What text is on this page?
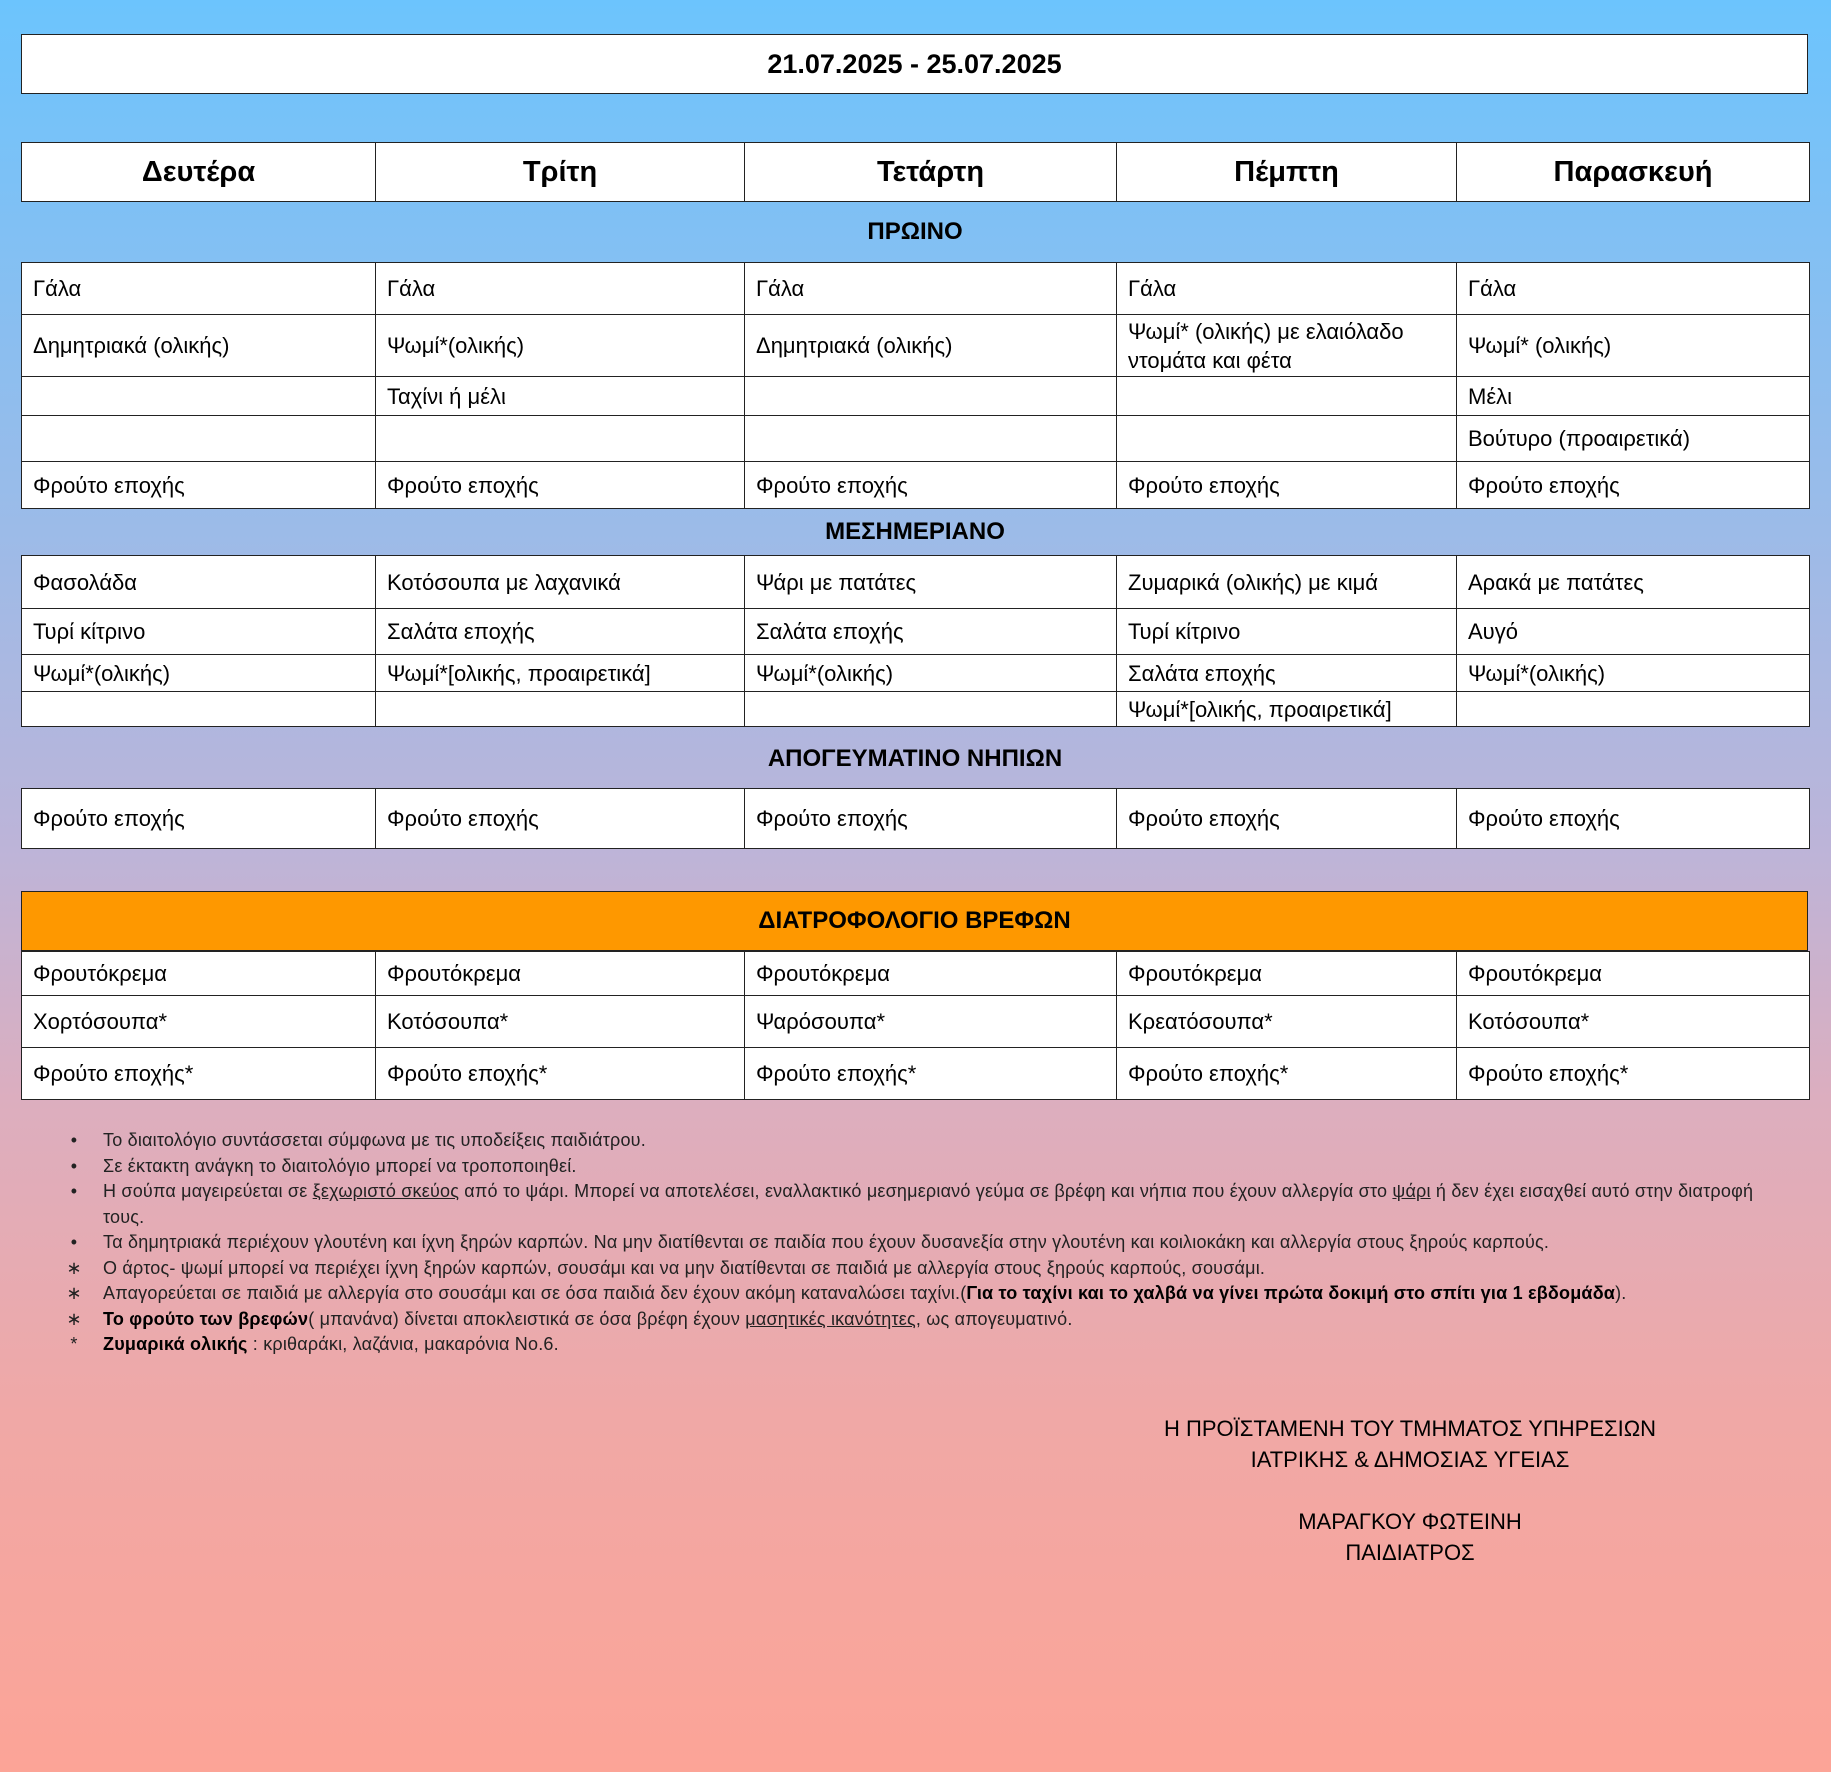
21.07.2025 - 25.07.2025
Δευτέρα	Τρίτη	Τετάρτη	Πέμπτη	Παρασκευή
ΠΡΩΙΝΟ
Γάλα	Γάλα	Γάλα	Γάλα	Γάλα
Δημητριακά (ολικής)	Ψωμί*(ολικής)	Δημητριακά (ολικής)	Ψωμί* (ολικής) με ελαιόλαδο ντομάτα και φέτα	Ψωμί* (ολικής)
	Ταχίνι ή μέλι			Μέλι
				Βούτυρο (προαιρετικά)
Φρούτο εποχής	Φρούτο εποχής	Φρούτο εποχής	Φρούτο εποχής	Φρούτο εποχής
ΜΕΣΗΜΕΡΙΑΝΟ
Φασολάδα	Κοτόσουπα με λαχανικά	Ψάρι με πατάτες	Ζυμαρικά (ολικής) με κιμά	Αρακά με πατάτες
Τυρί κίτρινο	Σαλάτα εποχής	Σαλάτα εποχής	Τυρί κίτρινο	Αυγό
Ψωμί*(ολικής)	Ψωμί*[ολικής, προαιρετικά]	Ψωμί*(ολικής)	Σαλάτα εποχής	Ψωμί*(ολικής)
			Ψωμί*[ολικής, προαιρετικά]	
ΑΠΟΓΕΥΜΑΤΙΝΟ ΝΗΠΙΩΝ
Φρούτο εποχής	Φρούτο εποχής	Φρούτο εποχής	Φρούτο εποχής	Φρούτο εποχής
ΔΙΑΤΡΟΦΟΛΟΓΙΟ ΒΡΕΦΩΝ
Φρουτόκρεμα	Φρουτόκρεμα	Φρουτόκρεμα	Φρουτόκρεμα	Φρουτόκρεμα
Χορτόσουπα*	Κοτόσουπα*	Ψαρόσουπα*	Κρεατόσουπα*	Κοτόσουπα*
Φρούτο εποχής*	Φρούτο εποχής*	Φρούτο εποχής*	Φρούτο εποχής*	Φρούτο εποχής*
•	Το διαιτολόγιο συντάσσεται σύμφωνα με τις υποδείξεις παιδιάτρου.
•	Σε έκτακτη ανάγκη το διαιτολόγιο μπορεί να τροποποιηθεί.
•	Η σούπα μαγειρεύεται σε ξεχωριστό σκεύος από το ψάρι. Μπορεί να αποτελέσει, εναλλακτικό μεσημεριανό γεύμα σε βρέφη και νήπια που έχουν αλλεργία στο ψάρι ή δεν έχει εισαχθεί αυτό στην διατροφή τους.
•	Τα δημητριακά περιέχουν γλουτένη και ίχνη ξηρών καρπών. Να μην διατίθενται σε παιδία που έχουν δυσανεξία στην γλουτένη και κοιλιοκάκη και αλλεργία στους ξηρούς καρπούς.
∗ Ο άρτος- ψωμί μπορεί να περιέχει ίχνη ξηρών καρπών, σουσάμι και να μην διατίθενται σε παιδιά με αλλεργία στους ξηρούς καρπούς, σουσάμι.
∗ Απαγορεύεται σε παιδιά με αλλεργία στο σουσάμι και σε όσα παιδιά δεν έχουν ακόμη καταναλώσει ταχίνι.(Για το ταχίνι και το χαλβά να γίνει πρώτα δοκιμή στο σπίτι για 1 εβδομάδα).
∗ Το φρούτο των βρεφών( μπανάνα) δίνεται αποκλειστικά σε όσα βρέφη έχουν μασητικές ικανότητες, ως απογευματινό.
*	Ζυμαρικά ολικής : κριθαράκι, λαζάνια, μακαρόνια Νο.6.
Η ΠΡΟΪΣΤΑΜΕΝΗ ΤΟΥ ΤΜΗΜΑΤΟΣ ΥΠΗΡΕΣΙΩΝ
ΙΑΤΡΙΚΗΣ & ΔΗΜΟΣΙΑΣ ΥΓΕΙΑΣ
ΜΑΡΑΓΚΟΥ ΦΩΤΕΙΝΗ
ΠΑΙΔΙΑΤΡΟΣ
